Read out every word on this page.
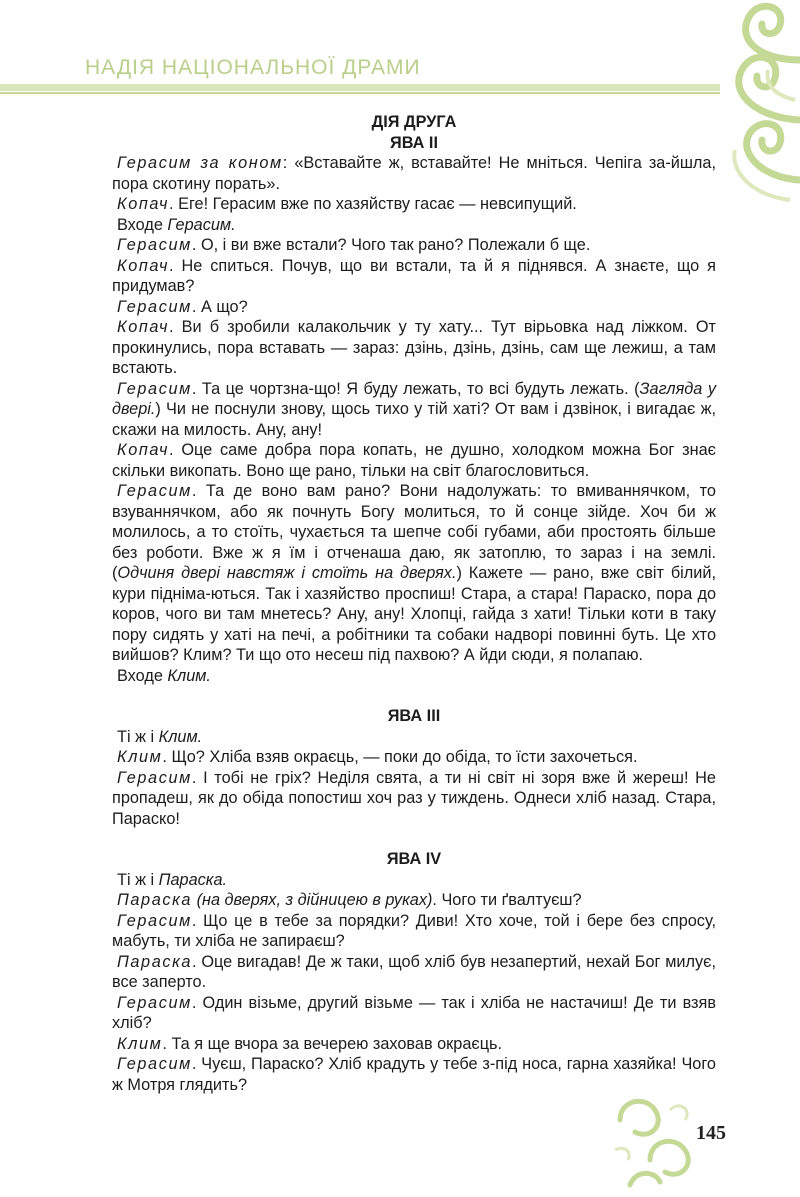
НАДІЯ НАЦІОНАЛЬНОЇ ДРАМИ
145

ДІЯ ДРУГА

ЯВА ІІ

Герасим за коном: «Вставайте ж, вставайте! Не мніться. Чепіга за-йшла, пора скотину порать».

Копач. Еге! Герасим вже по хазяйству гасає — невсипущий.

Входе Герасим.

Герасим. О, і ви вже встали? Чого так рано? Полежали б ще.

Копач. Не спиться. Почув, що ви встали, та й я піднявся. А знаєте, що я придумав?

Герасим. А що?

Копач. Ви б зробили калакольчик у ту хату... Тут вірьовка над ліжком. От прокинулись, пора вставать — зараз: дзінь, дзінь, дзінь, сам ще лежиш, а там встають.

Герасим. Та це чортзна-що! Я буду лежать, то всі будуть лежать. (Загляда у двері.) Чи не поснули знову, щось тихо у тій хаті? От вам і дзвінок, і вигадає ж, скажи на милость. Ану, ану!

Копач. Оце саме добра пора копать, не душно, холодком можна Бог знає скільки викопать. Воно ще рано, тільки на світ благословиться.

Герасим. Та де воно вам рано? Вони надолужать: то вмиваннячком, то взуваннячком, або як почнуть Богу молиться, то й сонце зійде. Хоч би ж молилось, а то стоїть, чухається та шепче собі губами, аби простоять більше без роботи. Вже ж я їм і отченаша даю, як затоплю, то зараз і на землі. (Одчиня двері навстяж і стоїть на дверях.) Кажете — рано, вже світ білий, кури підніма-ються. Так і хазяйство проспиш! Стара, а стара! Параско, пора до коров, чого ви там мнетесь? Ану, ану! Хлопці, гайда з хати! Тільки коти в таку пору сидять у хаті на печі, а робітники та собаки надворі повинні буть. Це хто вийшов? Клим? Ти що ото несеш під пахвою? А йди сюди, я полапаю.

Входе Клим.

ЯВА ІІІ

Ті ж і Клим.

Клим. Що? Хліба взяв окраєць, — поки до обіда, то їсти захочеться.

Герасим. І тобі не гріх? Неділя свята, а ти ні світ ні зоря вже й жереш! Не пропадеш, як до обіда попостиш хоч раз у тиждень. Однеси хліб назад. Стара, Параско!

ЯВА IV

Ті ж і Параска.

Параска (на дверях, з дійницею в руках). Чого ти ґвалтуєш?

Герасим. Що це в тебе за порядки? Диви! Хто хоче, той і бере без спросу, мабуть, ти хліба не запираєш?

Параска. Оце вигадав! Де ж таки, щоб хліб був незапертий, нехай Бог милує, все заперто.

Герасим. Один візьме, другий візьме — так і хліба не настачиш! Де ти взяв хліб?

Клим. Та я ще вчора за вечерею заховав окраєць.

Герасим. Чуєш, Параско? Хліб крадуть у тебе з-під носа, гарна хазяйка! Чого ж Мотря глядить?
